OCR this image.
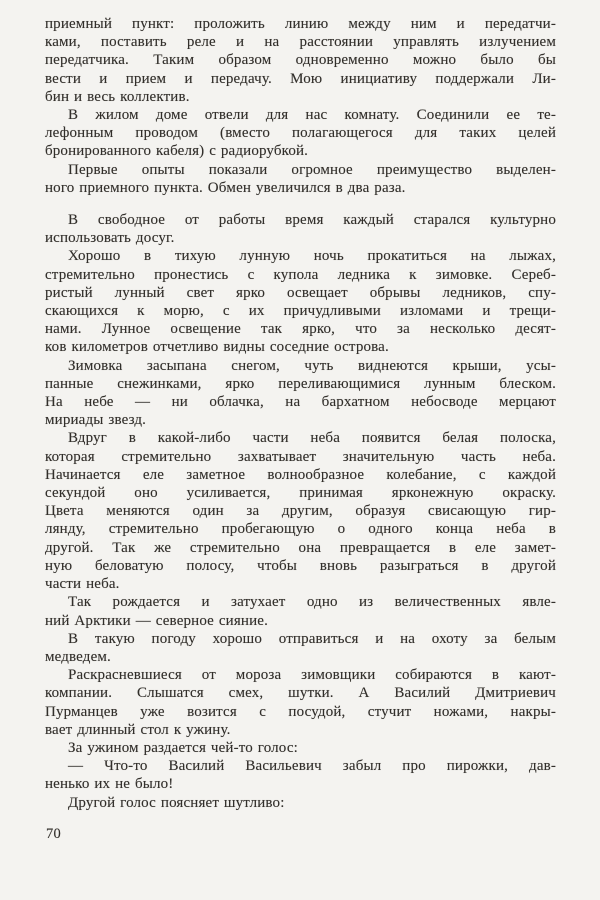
приемный пункт: проложить линию между ним и передатчи-
ками, поставить реле и на расстоянии управлять излучением
передатчика. Таким образом одновременно можно было бы
вести и прием и передачу. Мою инициативу поддержали Ли-
бин и весь коллектив.

В жилом доме отвели для нас комнату. Соединили ее те-
лефонным проводом (вместо полагающегося для таких целей
бронированного кабеля) с радиорубкой.

Первые опыты показали огромное преимущество выделен-
ного приемного пункта. Обмен увеличился в два раза.

В свободное от работы время каждый старался культурно
использовать досуг.

Хорошо в тихую лунную ночь прокатиться на лыжах,
стремительно пронестись с купола ледника к зимовке. Сереб-
ристый лунный свет ярко освещает обрывы ледников, спу-
скающихся к морю, с их причудливыми изломами и трещи-
нами. Лунное освещение так ярко, что за несколько десят-
ков километров отчетливо видны соседние острова.

Зимовка засыпана снегом, чуть виднеются крыши, усы-
панные снежинками, ярко переливающимися лунным блеском.
На небе — ни облачка, на бархатном небосводе мерцают
мириады звезд.

Вдруг в какой-либо части неба появится белая полоска,
которая стремительно захватывает значительную часть неба.
Начинается еле заметное волнообразное колебание, с каждой
секундой оно усиливается, принимая ярконежную окраску.
Цвета меняются один за другим, образуя свисающую гир-
лянду, стремительно пробегающую о одного конца неба в
другой. Так же стремительно она превращается в еле замет-
ную беловатую полосу, чтобы вновь разыграться в другой
части неба.

Так рождается и затухает одно из величественных явле-
ний Арктики — северное сияние.

В такую погоду хорошо отправиться и на охоту за белым
медведем.

Раскрасневшиеся от мороза зимовщики собираются в кают-
компании. Слышатся смех, шутки. А Василий Дмитриевич
Пурманцев уже возится с посудой, стучит ножами, накры-
вает длинный стол к ужину.

За ужином раздается чей-то голос:

— Что-то Василий Васильевич забыл про пирожки, дав-
ненько их не было!

Другой голос поясняет шутливо:

70
